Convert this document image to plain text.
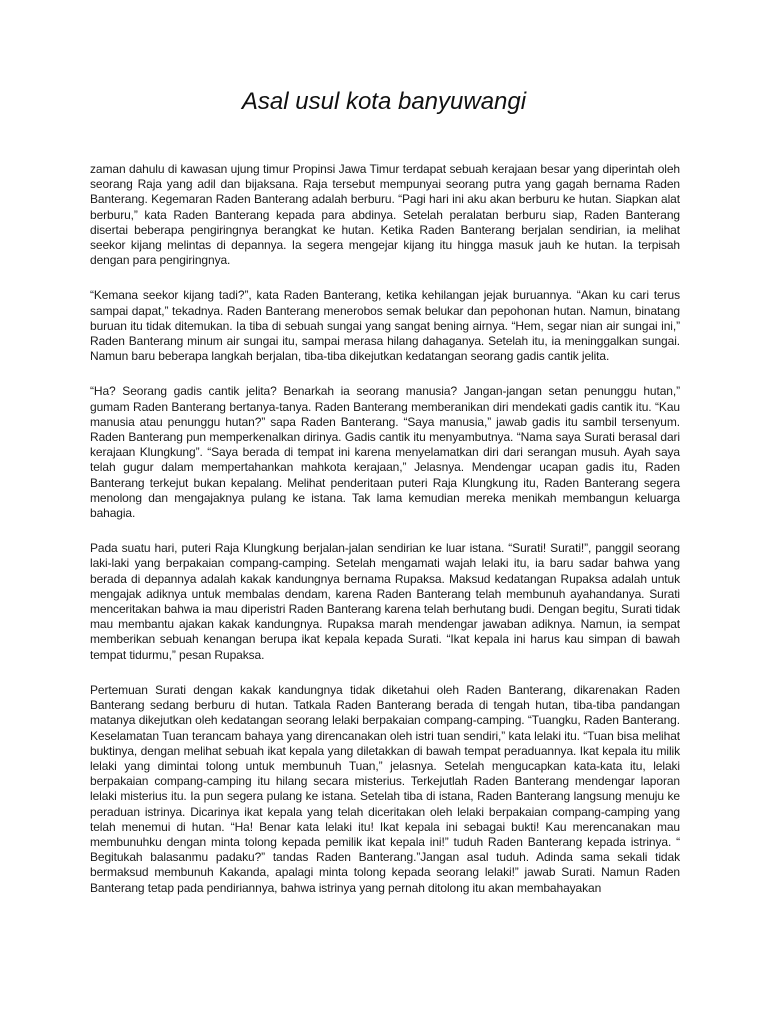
Asal usul kota banyuwangi

zaman dahulu di kawasan ujung timur Propinsi Jawa Timur terdapat sebuah kerajaan besar yang diperintah oleh seorang Raja yang adil dan bijaksana. Raja tersebut mempunyai seorang putra yang gagah bernama Raden Banterang. Kegemaran Raden Banterang adalah berburu. “Pagi hari ini aku akan berburu ke hutan. Siapkan alat berburu,” kata Raden Banterang kepada para abdinya. Setelah peralatan berburu siap, Raden Banterang disertai beberapa pengiringnya berangkat ke hutan. Ketika Raden Banterang berjalan sendirian, ia melihat seekor kijang melintas di depannya. Ia segera mengejar kijang itu hingga masuk jauh ke hutan. Ia terpisah dengan para pengiringnya.

“Kemana seekor kijang tadi?”, kata Raden Banterang, ketika kehilangan jejak buruannya. “Akan ku cari terus sampai dapat,” tekadnya. Raden Banterang menerobos semak belukar dan pepohonan hutan. Namun, binatang buruan itu tidak ditemukan. Ia tiba di sebuah sungai yang sangat bening airnya. “Hem, segar nian air sungai ini,” Raden Banterang minum air sungai itu, sampai merasa hilang dahaganya. Setelah itu, ia meninggalkan sungai. Namun baru beberapa langkah berjalan, tiba-tiba dikejutkan kedatangan seorang gadis cantik jelita.

“Ha? Seorang gadis cantik jelita? Benarkah ia seorang manusia? Jangan-jangan setan penunggu hutan,” gumam Raden Banterang bertanya-tanya. Raden Banterang memberanikan diri mendekati gadis cantik itu. “Kau manusia atau penunggu hutan?” sapa Raden Banterang. “Saya manusia,” jawab gadis itu sambil tersenyum. Raden Banterang pun memperkenalkan dirinya. Gadis cantik itu menyambutnya. “Nama saya Surati berasal dari kerajaan Klungkung”. “Saya berada di tempat ini karena menyelamatkan diri dari serangan musuh. Ayah saya telah gugur dalam mempertahankan mahkota kerajaan,” Jelasnya. Mendengar ucapan gadis itu, Raden Banterang terkejut bukan kepalang. Melihat penderitaan puteri Raja Klungkung itu, Raden Banterang segera menolong dan mengajaknya pulang ke istana. Tak lama kemudian mereka menikah membangun keluarga bahagia.

Pada suatu hari, puteri Raja Klungkung berjalan-jalan sendirian ke luar istana. “Surati! Surati!”, panggil seorang laki-laki yang berpakaian compang-camping. Setelah mengamati wajah lelaki itu, ia baru sadar bahwa yang berada di depannya adalah kakak kandungnya bernama Rupaksa. Maksud kedatangan Rupaksa adalah untuk mengajak adiknya untuk membalas dendam, karena Raden Banterang telah membunuh ayahandanya. Surati menceritakan bahwa ia mau diperistri Raden Banterang karena telah berhutang budi. Dengan begitu, Surati tidak mau membantu ajakan kakak kandungnya. Rupaksa marah mendengar jawaban adiknya. Namun, ia sempat memberikan sebuah kenangan berupa ikat kepala kepada Surati. “Ikat kepala ini harus kau simpan di bawah tempat tidurmu,” pesan Rupaksa.

Pertemuan Surati dengan kakak kandungnya tidak diketahui oleh Raden Banterang, dikarenakan Raden Banterang sedang berburu di hutan. Tatkala Raden Banterang berada di tengah hutan, tiba-tiba pandangan matanya dikejutkan oleh kedatangan seorang lelaki berpakaian compang-camping. “Tuangku, Raden Banterang. Keselamatan Tuan terancam bahaya yang direncanakan oleh istri tuan sendiri,” kata lelaki itu. “Tuan bisa melihat buktinya, dengan melihat sebuah ikat kepala yang diletakkan di bawah tempat peraduannya. Ikat kepala itu milik lelaki yang dimintai tolong untuk membunuh Tuan,” jelasnya. Setelah mengucapkan kata-kata itu, lelaki berpakaian compang-camping itu hilang secara misterius. Terkejutlah Raden Banterang mendengar laporan lelaki misterius itu. Ia pun segera pulang ke istana. Setelah tiba di istana, Raden Banterang langsung menuju ke peraduan istrinya. Dicarinya ikat kepala yang telah diceritakan oleh lelaki berpakaian compang-camping yang telah menemui di hutan. “Ha! Benar kata lelaki itu! Ikat kepala ini sebagai bukti! Kau merencanakan mau membunuhku dengan minta tolong kepada pemilik ikat kepala ini!” tuduh Raden Banterang kepada istrinya. “ Begitukah balasanmu padaku?” tandas Raden Banterang.”Jangan asal tuduh. Adinda sama sekali tidak bermaksud membunuh Kakanda, apalagi minta tolong kepada seorang lelaki!” jawab Surati. Namun Raden Banterang tetap pada pendiriannya, bahwa istrinya yang pernah ditolong itu akan membahayakan
